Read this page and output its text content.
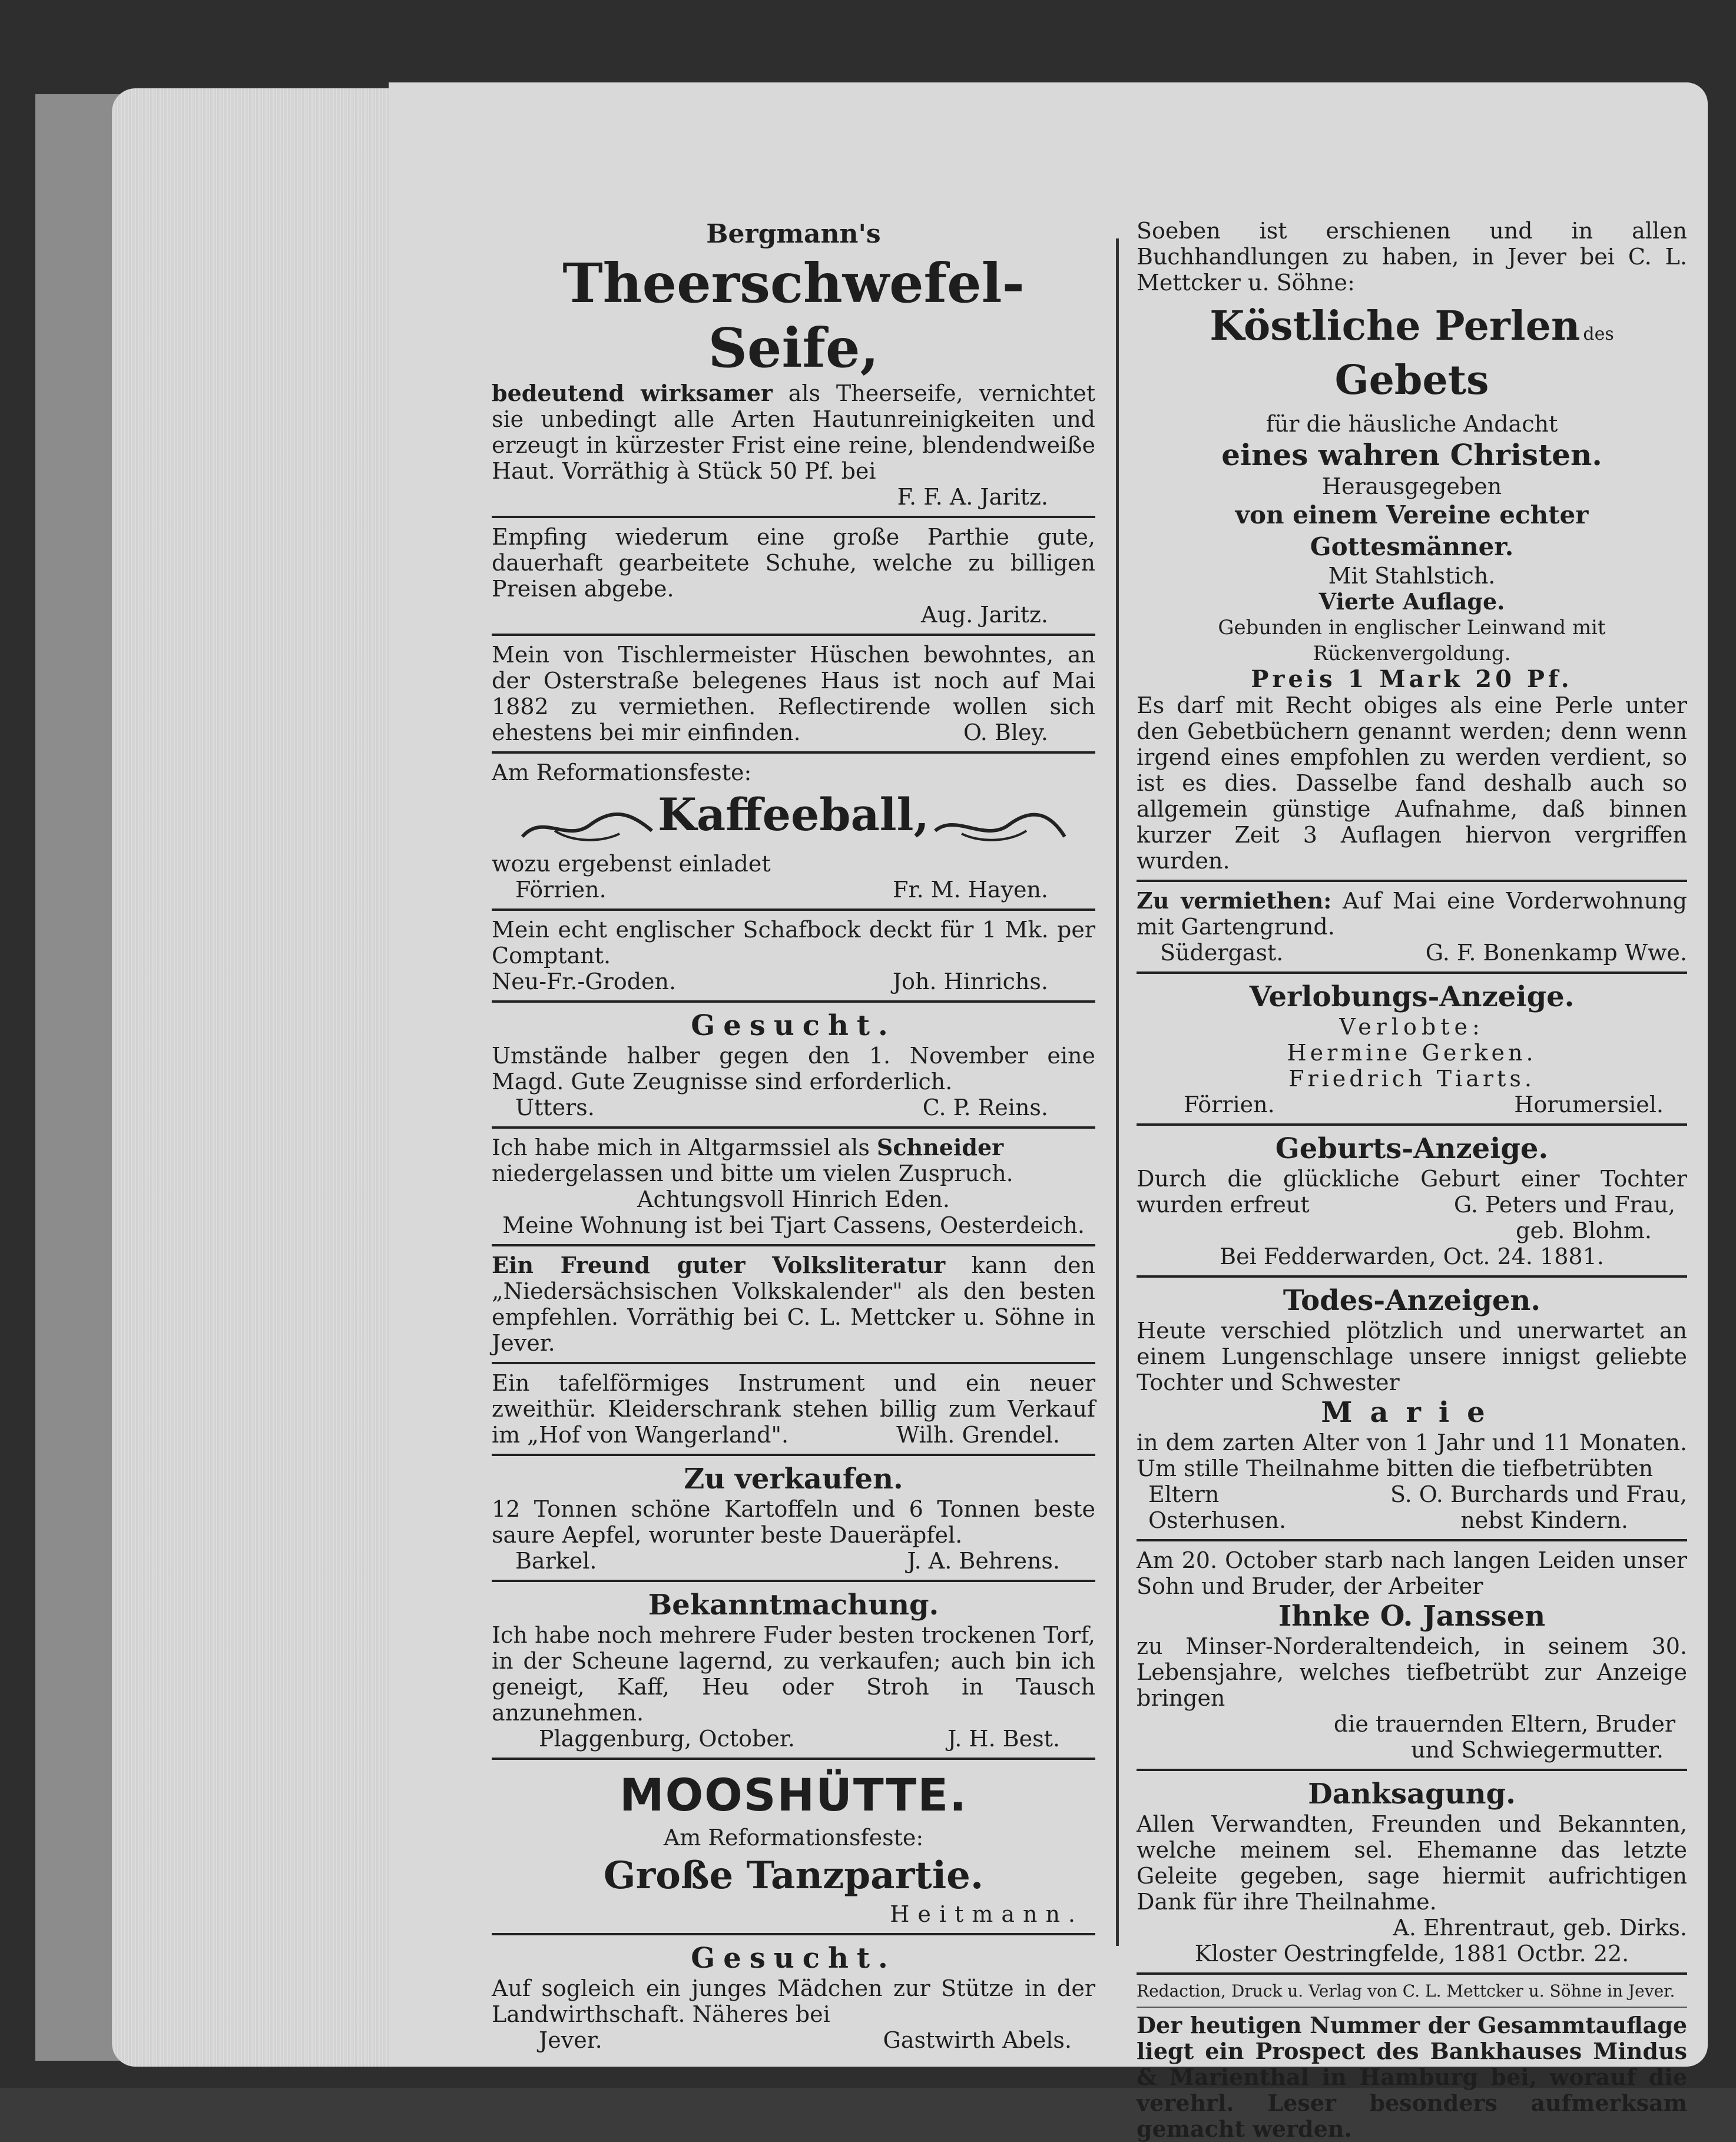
Bergmann's
Theerschwefel-Seife,

bedeutend wirksamer als Theerseife, vernichtet sie unbedingt alle Arten Hautunreinigkeiten und erzeugt in kürzester Frist eine reine, blendendweiße Haut. Vorräthig à Stück 50 Pf. bei

F. F. A. Jaritz.

Empfing wiederum eine große Parthie gute, dauerhaft gearbeitete Schuhe, welche zu billigen Preisen abgebe.

Aug. Jaritz.

Mein von Tischlermeister Hüschen bewohntes, an der Osterstraße belegenes Haus ist noch auf Mai 1882 zu vermiethen. Reflectirende wollen sich ehestens bei mir einfinden.	O. Bley.
Am Reformationsfeste:
Kaffeeball,
wozu ergebenst einladet
Förrien.	Fr. M. Hayen.

Mein echt englischer Schafbock deckt für 1 Mk. per Comptant.

Neu-Fr.-Groden.	Joh. Hinrichs.
Gesucht.

Umstände halber gegen den 1. November eine Magd. Gute Zeugnisse sind erforderlich.

Utters.	C. P. Reins.
Ich habe mich in Altgarmssiel als Schneider
niedergelassen und bitte um vielen Zuspruch.
Achtungsvoll Hinrich Eden.
Meine Wohnung ist bei Tjart Cassens, Oesterdeich.

Ein Freund guter Volksliteratur kann den „Niedersächsischen Volkskalender" als den besten empfehlen. Vorräthig bei C. L. Mettcker u. Söhne in Jever.

Ein tafelförmiges Instrument und ein neuer zweithür. Kleiderschrank stehen billig zum Verkauf im „Hof von Wangerland".	Wilh. Grendel.
Zu verkaufen.

12 Tonnen schöne Kartoffeln und 6 Tonnen beste saure Aepfel, worunter beste Daueräpfel.

Barkel.	J. A. Behrens.
Bekanntmachung.

Ich habe noch mehrere Fuder besten trockenen Torf, in der Scheune lagernd, zu verkaufen; auch bin ich geneigt, Kaff, Heu oder Stroh in Tausch anzunehmen.

Plaggenburg, October.	J. H. Best.
MOOSHÜTTE.
Am Reformationsfeste:
Große Tanzpartie.
Heitmann.
Gesucht.

Auf sogleich ein junges Mädchen zur Stütze in der Landwirthschaft. Näheres bei

Jever.	Gastwirth Abels.

Soeben ist erschienen und in allen Buchhandlungen zu haben, in Jever bei C. L. Mettcker u. Söhne:

Köstliche Perlen des Gebets
für die häusliche Andacht
eines wahren Christen.
Herausgegeben
von einem Vereine echter Gottesmänner.
Mit Stahlstich.
Vierte Auflage.
Gebunden in englischer Leinwand mit Rückenvergoldung.
Preis 1 Mark 20 Pf.

Es darf mit Recht obiges als eine Perle unter den Gebetbüchern genannt werden; denn wenn irgend eines empfohlen zu werden verdient, so ist es dies. Dasselbe fand deshalb auch so allgemein günstige Aufnahme, daß binnen kurzer Zeit 3 Auflagen hiervon vergriffen wurden.

Zu vermiethen: Auf Mai eine Vorderwohnung mit Gartengrund.

Südergast.	G. F. Bonenkamp Wwe.
Verlobungs-Anzeige.
Verlobte:
Hermine Gerken.
Friedrich Tiarts.
Förrien.	Horumersiel.
Geburts-Anzeige.

Durch die glückliche Geburt einer Tochter wurden erfreut	G. Peters und Frau,
geb. Blohm.
Bei Fedderwarden, Oct. 24. 1881.
Todes-Anzeigen.

Heute verschied plötzlich und unerwartet an einem Lungenschlage unsere innigst geliebte Tochter und Schwester

Marie

in dem zarten Alter von 1 Jahr und 11 Monaten. Um stille Theilnahme bitten die tiefbetrübten

Eltern	S. O. Burchards und Frau,
Osterhusen.	nebst Kindern.

Am 20. October starb nach langen Leiden unser Sohn und Bruder, der Arbeiter

Ihnke O. Janssen

zu Minser-Norderaltendeich, in seinem 30. Lebensjahre, welches tiefbetrübt zur Anzeige bringen

die trauernden Eltern, Bruder
und Schwiegermutter.
Danksagung.

Allen Verwandten, Freunden und Bekannten, welche meinem sel. Ehemanne das letzte Geleite gegeben, sage hiermit aufrichtigen Dank für ihre Theilnahme.

A. Ehrentraut, geb. Dirks.
Kloster Oestringfelde, 1881 Octbr. 22.
Redaction, Druck u. Verlag von C. L. Mettcker u. Söhne in Jever.

Der heutigen Nummer der Gesammtauflage liegt ein Prospect des Bankhauses Mindus & Marienthal in Hamburg bei, worauf die verehrl. Leser besonders aufmerksam gemacht werden.
